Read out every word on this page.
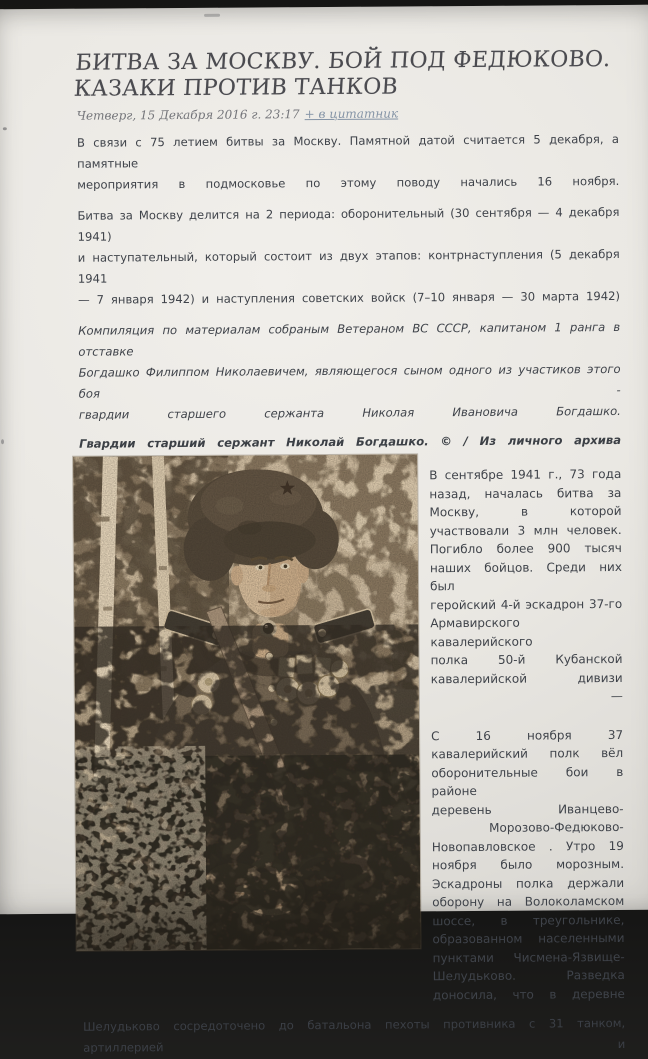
БИТВА ЗА МОСКВУ. БОЙ ПОД ФЕДЮКОВО.
КАЗАКИ ПРОТИВ ТАНКОВ
Четверг, 15 Декабря 2016 г. 23:17 + в цитатник

В связи с 75 летием битвы за Москву. Памятной датой считается 5 декабря, а памятные
мероприятия в подмосковье по этому поводу начались 16 ноября.

Битва за Москву делится на 2 периода: оборонительный (30 сентября — 4 декабря 1941)
и наступательный, который состоит из двух этапов: контрнаступления (5 декабря 1941
— 7 января 1942) и наступления советских войск (7–10 января — 30 марта 1942)

Компиляция по материалам собраным Ветераном ВС СССР, капитаном 1 ранга в отставке
Богдашко Филиппом Николаевичем, являющегося сыном одного из участиков этого боя -
гвардии старшего сержанта Николая Ивановича Богдашко.

Гвардии старший сержант Николай Богдашко. © / Из личного архива
В сентябре 1941 г., 73 года
назад, началась битва за
Москву, в которой
участвовали 3 млн человек.
Погибло более 900 тысяч
наших бойцов. Среди них был
геройский 4-й эскадрон 37-го
Армавирского кавалерийского
полка 50-й Кубанской
кавалерийской дивизи
—
С 16 ноября 37
кавалерийский полк вёл
оборонительные бои в районе
деревень Иванцево-
Морозово-Федюково-
Новопавловское . Утро 19
ноября было морозным.
Эскадроны полка держали
оборону на Волоколамском
шоссе, в треугольнике,
образованном населенными
пунктами Чисмена-Язвище-
Шелудьково. Разведка
доносила, что в деревне

Шелудьково сосредоточено до батальона пехоты противника с 31 танком, артиллерией и
